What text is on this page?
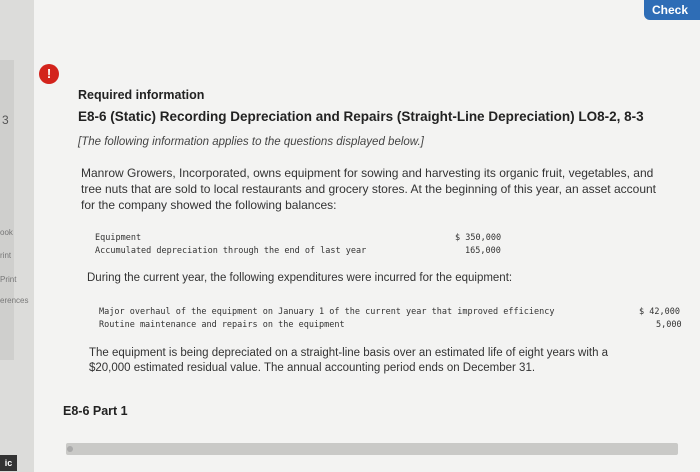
3
ook
rint
Print
erences
ic
Check
!
Required information
E8-6 (Static) Recording Depreciation and Repairs (Straight-Line Depreciation) LO8-2, 8-3
[The following information applies to the questions displayed below.]
Manrow Growers, Incorporated, owns equipment for sowing and harvesting its organic fruit, vegetables, and tree nuts that are sold to local restaurants and grocery stores. At the beginning of this year, an asset account for the company showed the following balances:
Equipment	$ 350,000
Accumulated depreciation through the end of last year	165,000
During the current year, the following expenditures were incurred for the equipment:
Major overhaul of the equipment on January 1 of the current year that improved efficiency	$ 42,000
Routine maintenance and repairs on the equipment	5,000
The equipment is being depreciated on a straight-line basis over an estimated life of eight years with a $20,000 estimated residual value. The annual accounting period ends on December 31.
E8-6 Part 1
